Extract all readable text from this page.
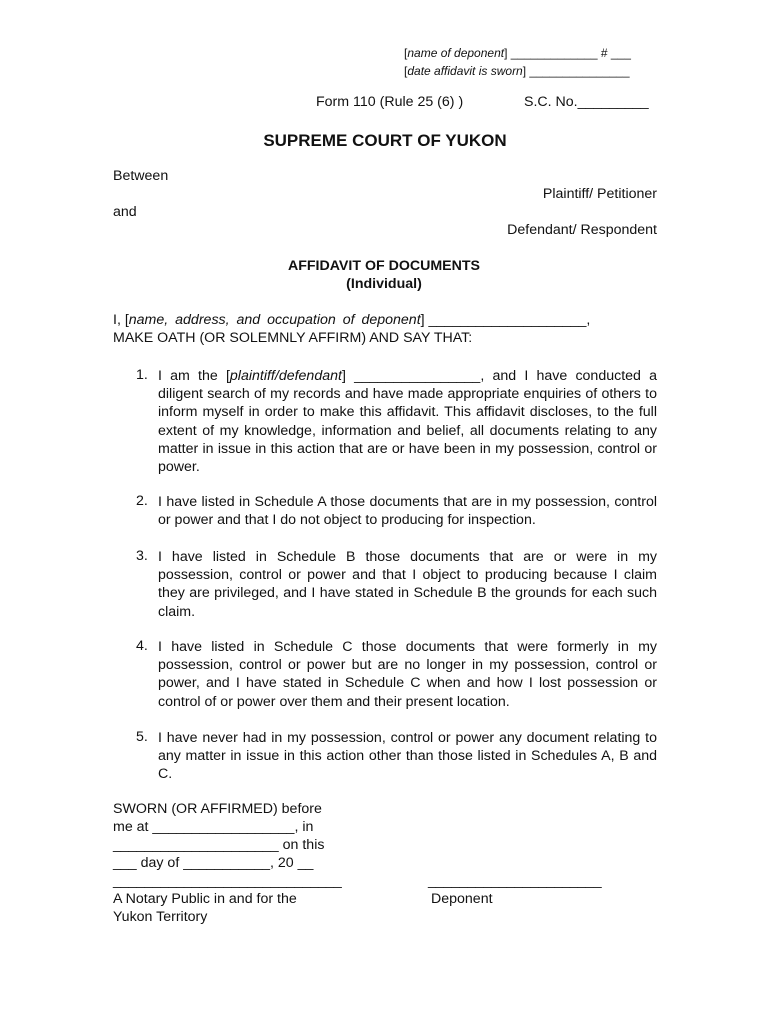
[name of deponent] _____________ # ___
[date affidavit is sworn] _______________
Form 110 (Rule 25 (6) )	S.C. No._________
SUPREME COURT OF YUKON
Between
Plaintiff/ Petitioner
and
Defendant/ Respondent
AFFIDAVIT OF DOCUMENTS
(Individual)
I, [name, address, and occupation of deponent] ____________________,
MAKE OATH (OR SOLEMNLY AFFIRM) AND SAY THAT:
1. I am the [plaintiff/defendant] ________________, and I have conducted a diligent search of my records and have made appropriate enquiries of others to inform myself in order to make this affidavit. This affidavit discloses, to the full extent of my knowledge, information and belief, all documents relating to any matter in issue in this action that are or have been in my possession, control or power.
2. I have listed in Schedule A those documents that are in my possession, control or power and that I do not object to producing for inspection.
3. I have listed in Schedule B those documents that are or were in my possession, control or power and that I object to producing because I claim they are privileged, and I have stated in Schedule B the grounds for each such claim.
4. I have listed in Schedule C those documents that were formerly in my possession, control or power but are no longer in my possession, control or power, and I have stated in Schedule C when and how I lost possession or control of or power over them and their present location.
5. I have never had in my possession, control or power any document relating to any matter in issue in this action other than those listed in Schedules A, B and C.
SWORN (OR AFFIRMED) before
me at __________________, in
_____________________ on this
___ day of ___________, 20 __
_____________________________
A Notary Public in and for the
Yukon Territory
______________________
Deponent
